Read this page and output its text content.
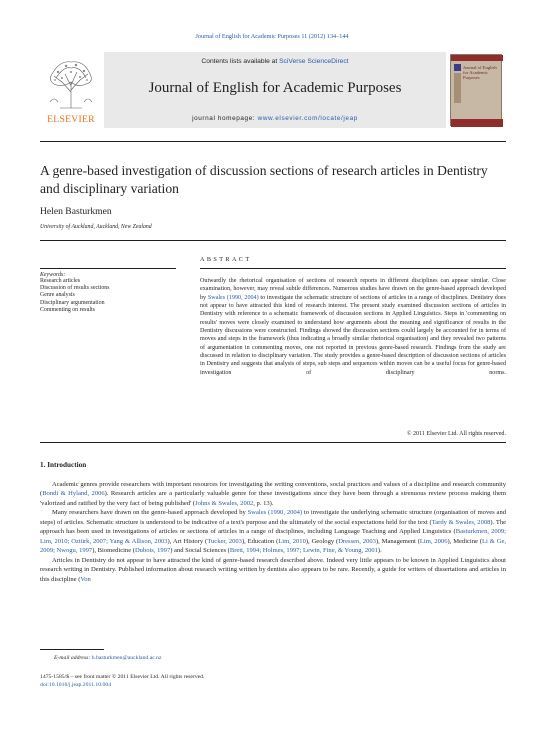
Journal of English for Academic Purposes 11 (2012) 134–144
ELSEVIER
Contents lists available at SciVerse ScienceDirect
Journal of English for Academic Purposes
journal homepage: www.elsevier.com/locate/jeap
Journal of English for Academic Purposes
A genre-based investigation of discussion sections of research articles in Dentistry and disciplinary variation
Helen Basturkmen
University of Auckland, Auckland, New Zealand
Keywords:
Research articles
Discussion of results sections
Genre analysis
Disciplinary argumentation
Commenting on results
ABSTRACT
Outwardly the rhetorical organisation of sections of research reports in different disciplines can appear similar. Close examination, however, may reveal subtle differences. Numerous studies have drawn on the genre-based approach developed by Swales (1990, 2004) to investigate the schematic structure of sections of articles in a range of disciplines. Dentistry does not appear to have attracted this kind of research interest. The present study examined discussion sections of articles in Dentistry with reference to a schematic framework of discussion sections in Applied Linguistics. Steps in 'commenting on results' moves were closely examined to understand how arguments about the meaning and significance of results in the Dentistry discussions were constructed. Findings showed the discussion sections could largely be accounted for in terms of moves and steps in the framework (thus indicating a broadly similar rhetorical organisation) and they revealed two patterns of argumentation in commenting moves, one not reported in previous genre-based research. Findings from the study are discussed in relation to disciplinary variation. The study provides a genre-based description of discussion sections of articles in Dentistry and suggests that analysis of steps, sub steps and sequences within moves can be a useful focus for genre-based investigation of disciplinary norms.
© 2011 Elsevier Ltd. All rights reserved.
1. Introduction

Academic genres provide researchers with important resources for investigating the writing conventions, social practices and values of a discipline and research community (Bondi & Hyland, 2006). Research articles are a particularly valuable genre for these investigations since they have been through a strenuous review process making them 'valorized and ratified by the very fact of being published' (Johns & Swales, 2002, p. 13).

Many researchers have drawn on the genre-based approach developed by Swales (1990, 2004) to investigate the underlying schematic structure (organisation of moves and steps) of articles. Schematic structure is understood to be indicative of a text's purpose and the ultimately of the social expectations held for the text (Tardy & Swales, 2008). The approach has been used in investigations of articles or sections of articles in a range of disciplines, including Language Teaching and Applied Linguistics (Basturkmen, 2009; Lim, 2010; Oztürk, 2007; Yang & Allison, 2003), Art History (Tucker, 2003), Education (Lim, 2010), Geology (Dressen, 2003), Management (Lim, 2006), Medicine (Li & Ge, 2009; Nwogu, 1997), Biomedicine (Dubois, 1997) and Social Sciences (Brett, 1994; Holmes, 1997; Lewin, Fine, & Young, 2001).

Articles in Dentistry do not appear to have attracted the kind of genre-based research described above. Indeed very little appears to be known in Applied Linguistics about research writing in Dentistry. Published information about research writing written by dentists also appears to be rare. Recently, a guide for writers of dissertations and articles in this discipline (Von

E-mail address: h.basturkmen@auckland.ac.nz
1475-1585/$ – see front matter © 2011 Elsevier Ltd. All rights reserved.
doi:10.1016/j.jeap.2011.10.004
